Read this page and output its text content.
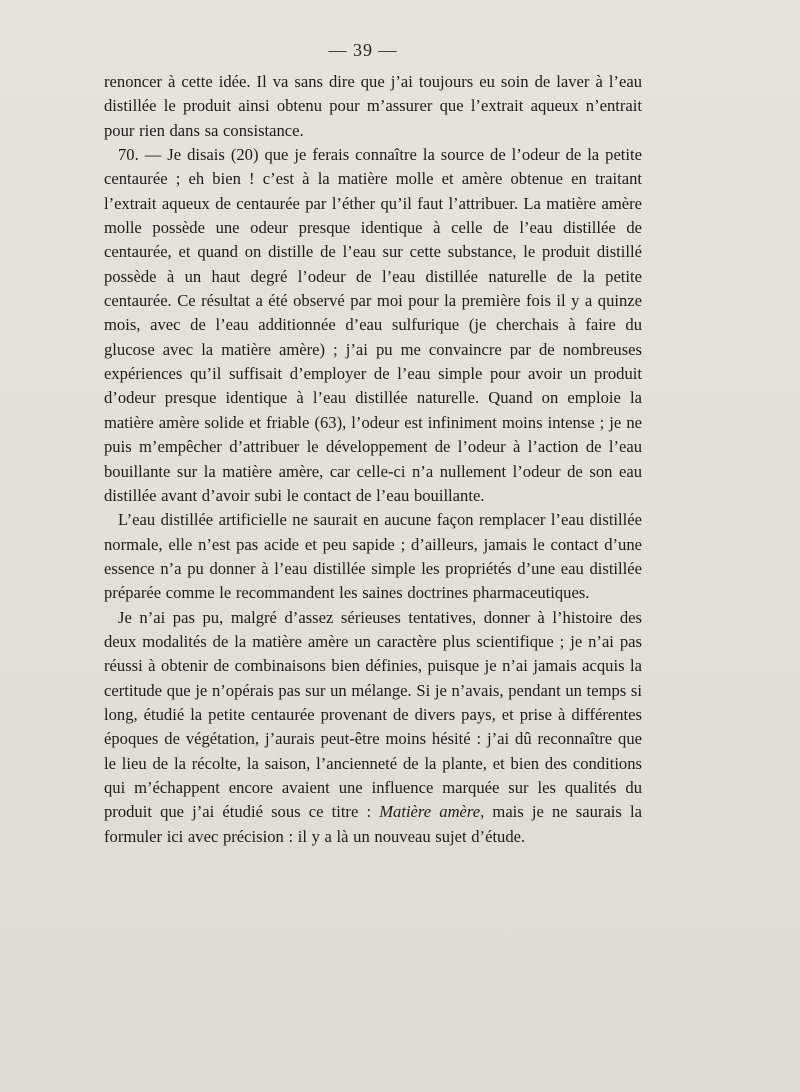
— 39 —

renoncer à cette idée. Il va sans dire que j’ai toujours eu soin de laver à l’eau distillée le produit ainsi obtenu pour m’assurer que l’extrait aqueux n’entrait pour rien dans sa consistance.

70. — Je disais (20) que je ferais connaître la source de l’odeur de la petite centaurée ; eh bien ! c’est à la matière molle et amère obtenue en traitant l’extrait aqueux de centaurée par l’éther qu’il faut l’attribuer. La matière amère molle possède une odeur presque identique à celle de l’eau distillée de centaurée, et quand on distille de l’eau sur cette substance, le produit distillé possède à un haut degré l’odeur de l’eau distillée naturelle de la petite centaurée. Ce résultat a été observé par moi pour la première fois il y a quinze mois, avec de l’eau additionnée d’eau sulfurique (je cherchais à faire du glucose avec la matière amère) ; j’ai pu me convaincre par de nombreuses expériences qu’il suffisait d’employer de l’eau simple pour avoir un produit d’odeur presque identique à l’eau distillée naturelle. Quand on emploie la matière amère solide et friable (63), l’odeur est infiniment moins intense ; je ne puis m’empêcher d’attribuer le développement de l’odeur à l’action de l’eau bouillante sur la matière amère, car celle-ci n’a nullement l’odeur de son eau distillée avant d’avoir subi le contact de l’eau bouillante.

L’eau distillée artificielle ne saurait en aucune façon remplacer l’eau distillée normale, elle n’est pas acide et peu sapide ; d’ailleurs, jamais le contact d’une essence n’a pu donner à l’eau distillée simple les propriétés d’une eau distillée préparée comme le recommandent les saines doctrines pharmaceutiques.

Je n’ai pas pu, malgré d’assez sérieuses tentatives, donner à l’histoire des deux modalités de la matière amère un caractère plus scientifique ; je n’ai pas réussi à obtenir de combinaisons bien définies, puisque je n’ai jamais acquis la certitude que je n’opérais pas sur un mélange. Si je n’avais, pendant un temps si long, étudié la petite centaurée provenant de divers pays, et prise à différentes époques de végétation, j’aurais peut-être moins hésité : j’ai dû reconnaître que le lieu de la récolte, la saison, l’ancienneté de la plante, et bien des conditions qui m’échappent encore avaient une influence marquée sur les qualités du produit que j’ai étudié sous ce titre : Matière amère, mais je ne saurais la formuler ici avec précision : il y a là un nouveau sujet d’étude.
